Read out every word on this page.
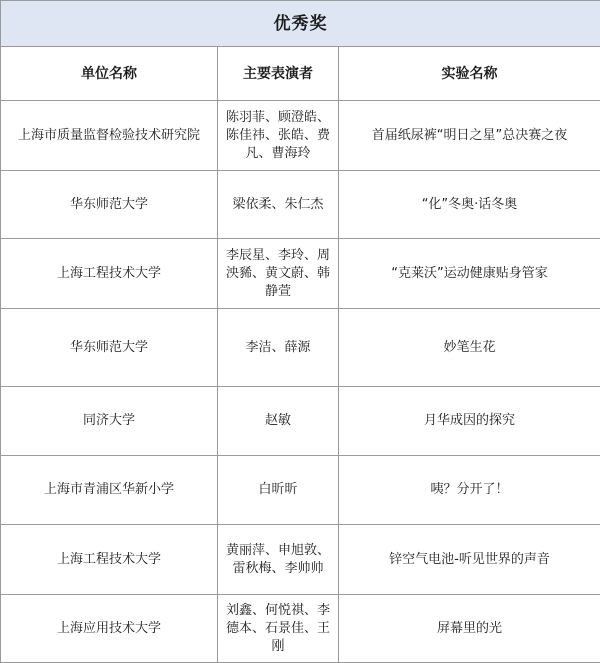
优秀奖		
单位名称	主要表演者	实验名称
上海市质量监督检验技术研究院	陈羽菲、顾澄皓、陈佳祎、张皓、费凡、曹海玲	首届纸尿裤“明日之星”总决赛之夜
华东师范大学	梁依柔、朱仁杰	“化”冬奥·话冬奥
上海工程技术大学	李辰星、李玲、周泱豨、黄文蔚、韩静萱	“克莱沃”运动健康贴身管家
华东师范大学	李洁、薛源	妙笔生花
同济大学	赵敏	月华成因的探究
上海市青浦区华新小学	白昕昕	咦？分开了！
上海工程技术大学	黄丽萍、申旭敦、雷秋梅、李帅帅	锌空气电池-听见世界的声音
上海应用技术大学	刘鑫、何悦祺、李德本、石景佳、王刚	屏幕里的光
